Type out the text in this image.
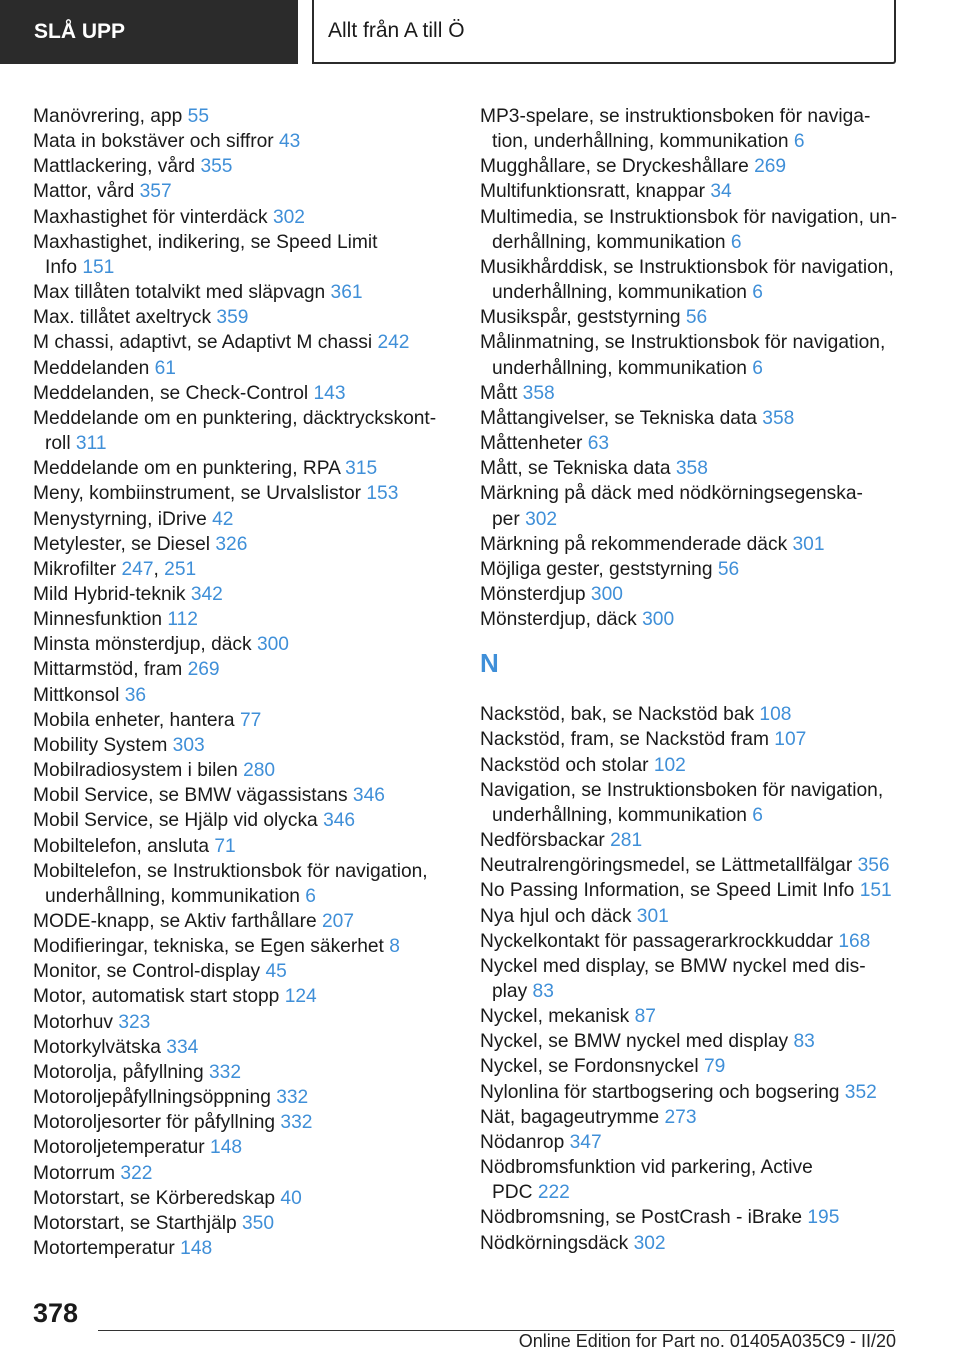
SLÅ UPP	Allt från A till Ö
Manövrering, app 55
Mata in bokstäver och siffror 43
Mattlackering, vård 355
Mattor, vård 357
Maxhastighet för vinterdäck 302
Maxhastighet, indikering, se Speed Limit
Info 151
Max tillåten totalvikt med släpvagn 361
Max. tillåtet axeltryck 359
M chassi, adaptivt, se Adaptivt M chassi 242
Meddelanden 61
Meddelanden, se Check-Control 143
Meddelande om en punktering, däcktryckskont-
roll 311
Meddelande om en punktering, RPA 315
Meny, kombiinstrument, se Urvalslistor 153
Menystyrning, iDrive 42
Metylester, se Diesel 326
Mikrofilter 247, 251
Mild Hybrid-teknik 342
Minnesfunktion 112
Minsta mönsterdjup, däck 300
Mittarmstöd, fram 269
Mittkonsol 36
Mobila enheter, hantera 77
Mobility System 303
Mobilradiosystem i bilen 280
Mobil Service, se BMW vägassistans 346
Mobil Service, se Hjälp vid olycka 346
Mobiltelefon, ansluta 71
Mobiltelefon, se Instruktionsbok för navigation,
underhållning, kommunikation 6
MODE-knapp, se Aktiv farthållare 207
Modifieringar, tekniska, se Egen säkerhet 8
Monitor, se Control-display 45
Motor, automatisk start stopp 124
Motorhuv 323
Motorkylvätska 334
Motorolja, påfyllning 332
Motoroljepåfyllningsöppning 332
Motoroljesorter för påfyllning 332
Motoroljetemperatur 148
Motorrum 322
Motorstart, se Körberedskap 40
Motorstart, se Starthjälp 350
Motortemperatur 148
MP3-spelare, se instruktionsboken för naviga-
tion, underhållning, kommunikation 6
Mugghållare, se Dryckeshållare 269
Multifunktionsratt, knappar 34
Multimedia, se Instruktionsbok för navigation, un-
derhållning, kommunikation 6
Musikhårddisk, se Instruktionsbok för navigation,
underhållning, kommunikation 6
Musikspår, geststyrning 56
Målinmatning, se Instruktionsbok för navigation,
underhållning, kommunikation 6
Mått 358
Måttangivelser, se Tekniska data 358
Måttenheter 63
Mått, se Tekniska data 358
Märkning på däck med nödkörningsegenska-
per 302
Märkning på rekommenderade däck 301
Möjliga gester, geststyrning 56
Mönsterdjup 300
Mönsterdjup, däck 300
N
Nackstöd, bak, se Nackstöd bak 108
Nackstöd, fram, se Nackstöd fram 107
Nackstöd och stolar 102
Navigation, se Instruktionsboken för navigation,
underhållning, kommunikation 6
Nedförsbackar 281
Neutralrengöringsmedel, se Lättmetallfälgar 356
No Passing Information, se Speed Limit Info 151
Nya hjul och däck 301
Nyckelkontakt för passagerarkrockkuddar 168
Nyckel med display, se BMW nyckel med dis-
play 83
Nyckel, mekanisk 87
Nyckel, se BMW nyckel med display 83
Nyckel, se Fordonsnyckel 79
Nylonlina för startbogsering och bogsering 352
Nät, bagageutrymme 273
Nödanrop 347
Nödbromsfunktion vid parkering, Active
PDC 222
Nödbromsning, se PostCrash - iBrake 195
Nödkörningsdäck 302
378
Online Edition for Part no. 01405A035C9 - II/20
